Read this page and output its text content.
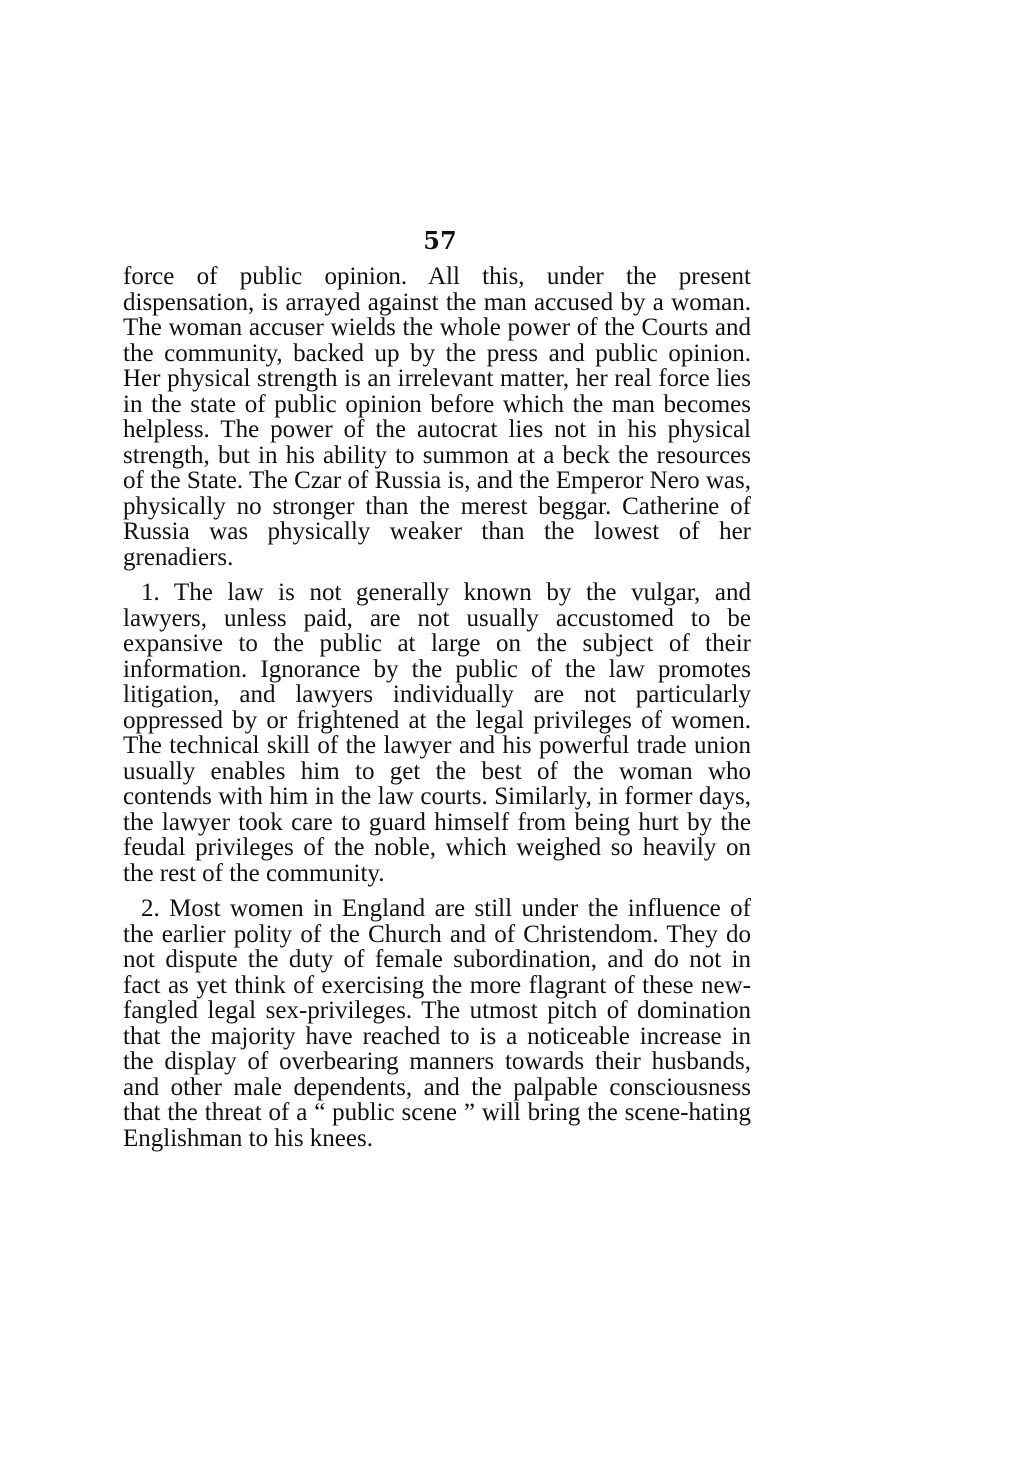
57

force of public opinion. All this, under the present dispensation, is arrayed against the man accused by a woman. The woman accuser wields the whole power of the Courts and the community, backed up by the press and public opinion. Her physical strength is an irrelevant matter, her real force lies in the state of public opinion before which the man becomes helpless. The power of the autocrat lies not in his physical strength, but in his ability to summon at a beck the resources of the State. The Czar of Russia is, and the Emperor Nero was, physically no stronger than the merest beggar. Catherine of Russia was physically weaker than the lowest of her grenadiers.

1. The law is not generally known by the vulgar, and lawyers, unless paid, are not usually accustomed to be expansive to the public at large on the subject of their information. Ignorance by the public of the law promotes litigation, and lawyers individually are not particularly oppressed by or frightened at the legal privileges of women. The technical skill of the lawyer and his powerful trade union usually enables him to get the best of the woman who contends with him in the law courts. Similarly, in former days, the lawyer took care to guard himself from being hurt by the feudal privileges of the noble, which weighed so heavily on the rest of the community.

2. Most women in England are still under the influence of the earlier polity of the Church and of Christendom. They do not dispute the duty of female subordination, and do not in fact as yet think of exercising the more flagrant of these new-fangled legal sex-privileges. The utmost pitch of domination that the majority have reached to is a noticeable increase in the display of overbearing manners towards their husbands, and other male dependents, and the palpable consciousness that the threat of a “ public scene ” will bring the scene-hating Englishman to his knees.
